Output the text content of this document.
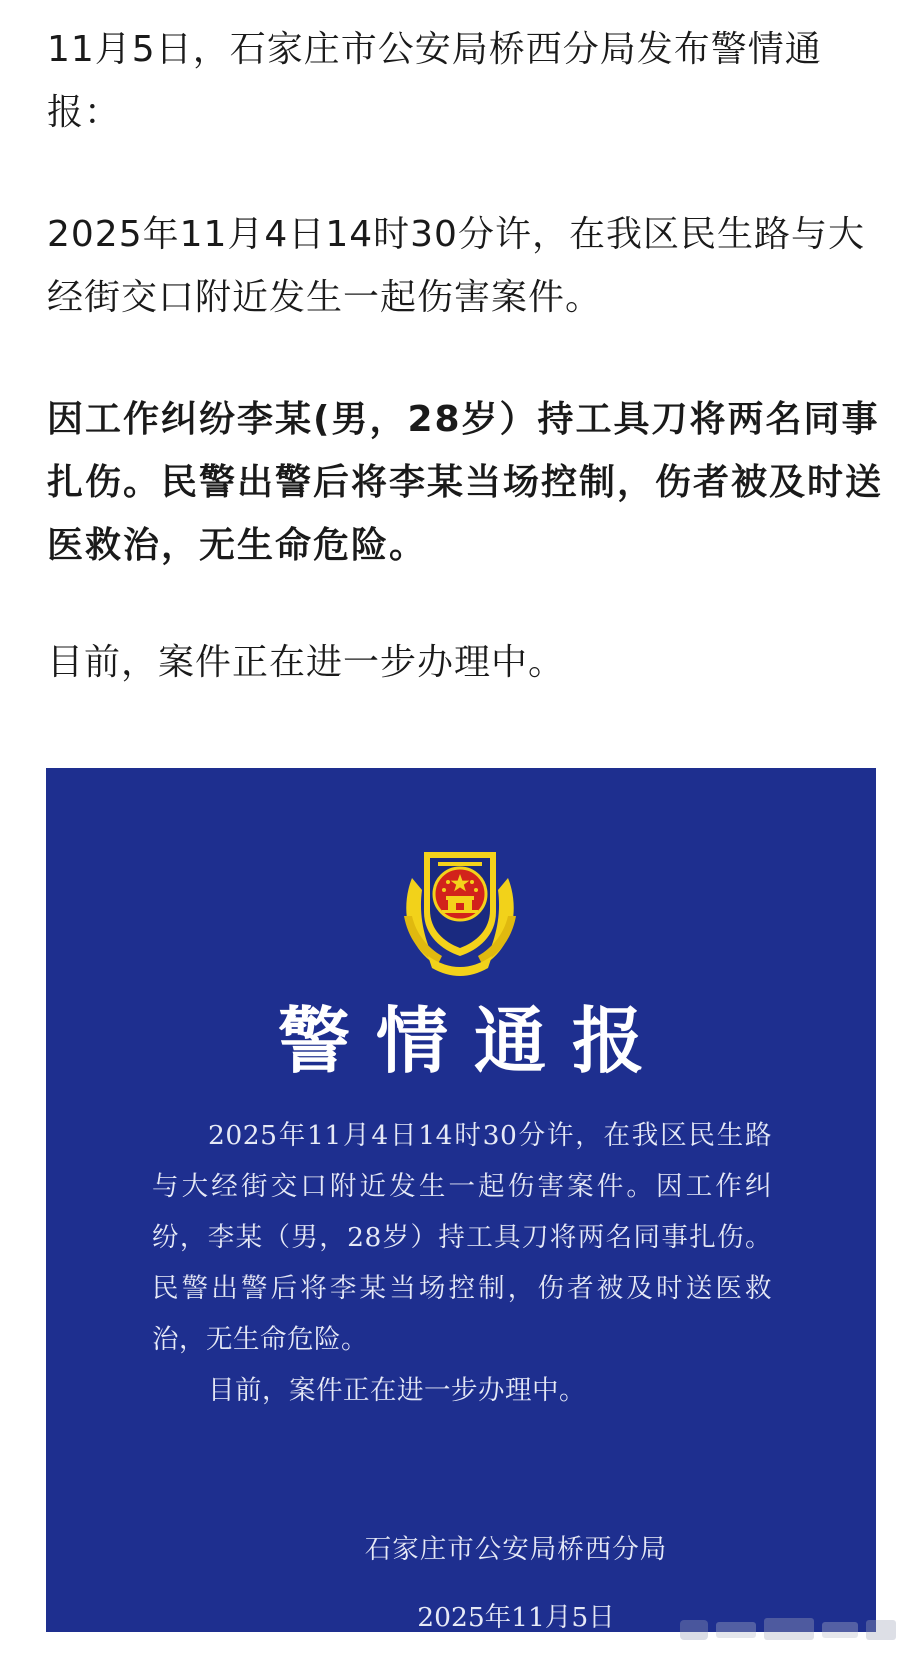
11月5日，石家庄市公安局桥西分局发布警情通报：

2025年11月4日14时30分许，在我区民生路与大经街交口附近发生一起伤害案件。

因工作纠纷李某(男，28岁）持工具刀将两名同事扎伤。民警出警后将李某当场控制，伤者被及时送医救治，无生命危险。

目前，案件正在进一步办理中。

警情通报

2025年11月4日14时30分许，在我区民生路与大经街交口附近发生一起伤害案件。因工作纠纷，李某（男，28岁）持工具刀将两名同事扎伤。民警出警后将李某当场控制，伤者被及时送医救治，无生命危险。

目前，案件正在进一步办理中。

石家庄市公安局桥西分局
2025年11月5日
